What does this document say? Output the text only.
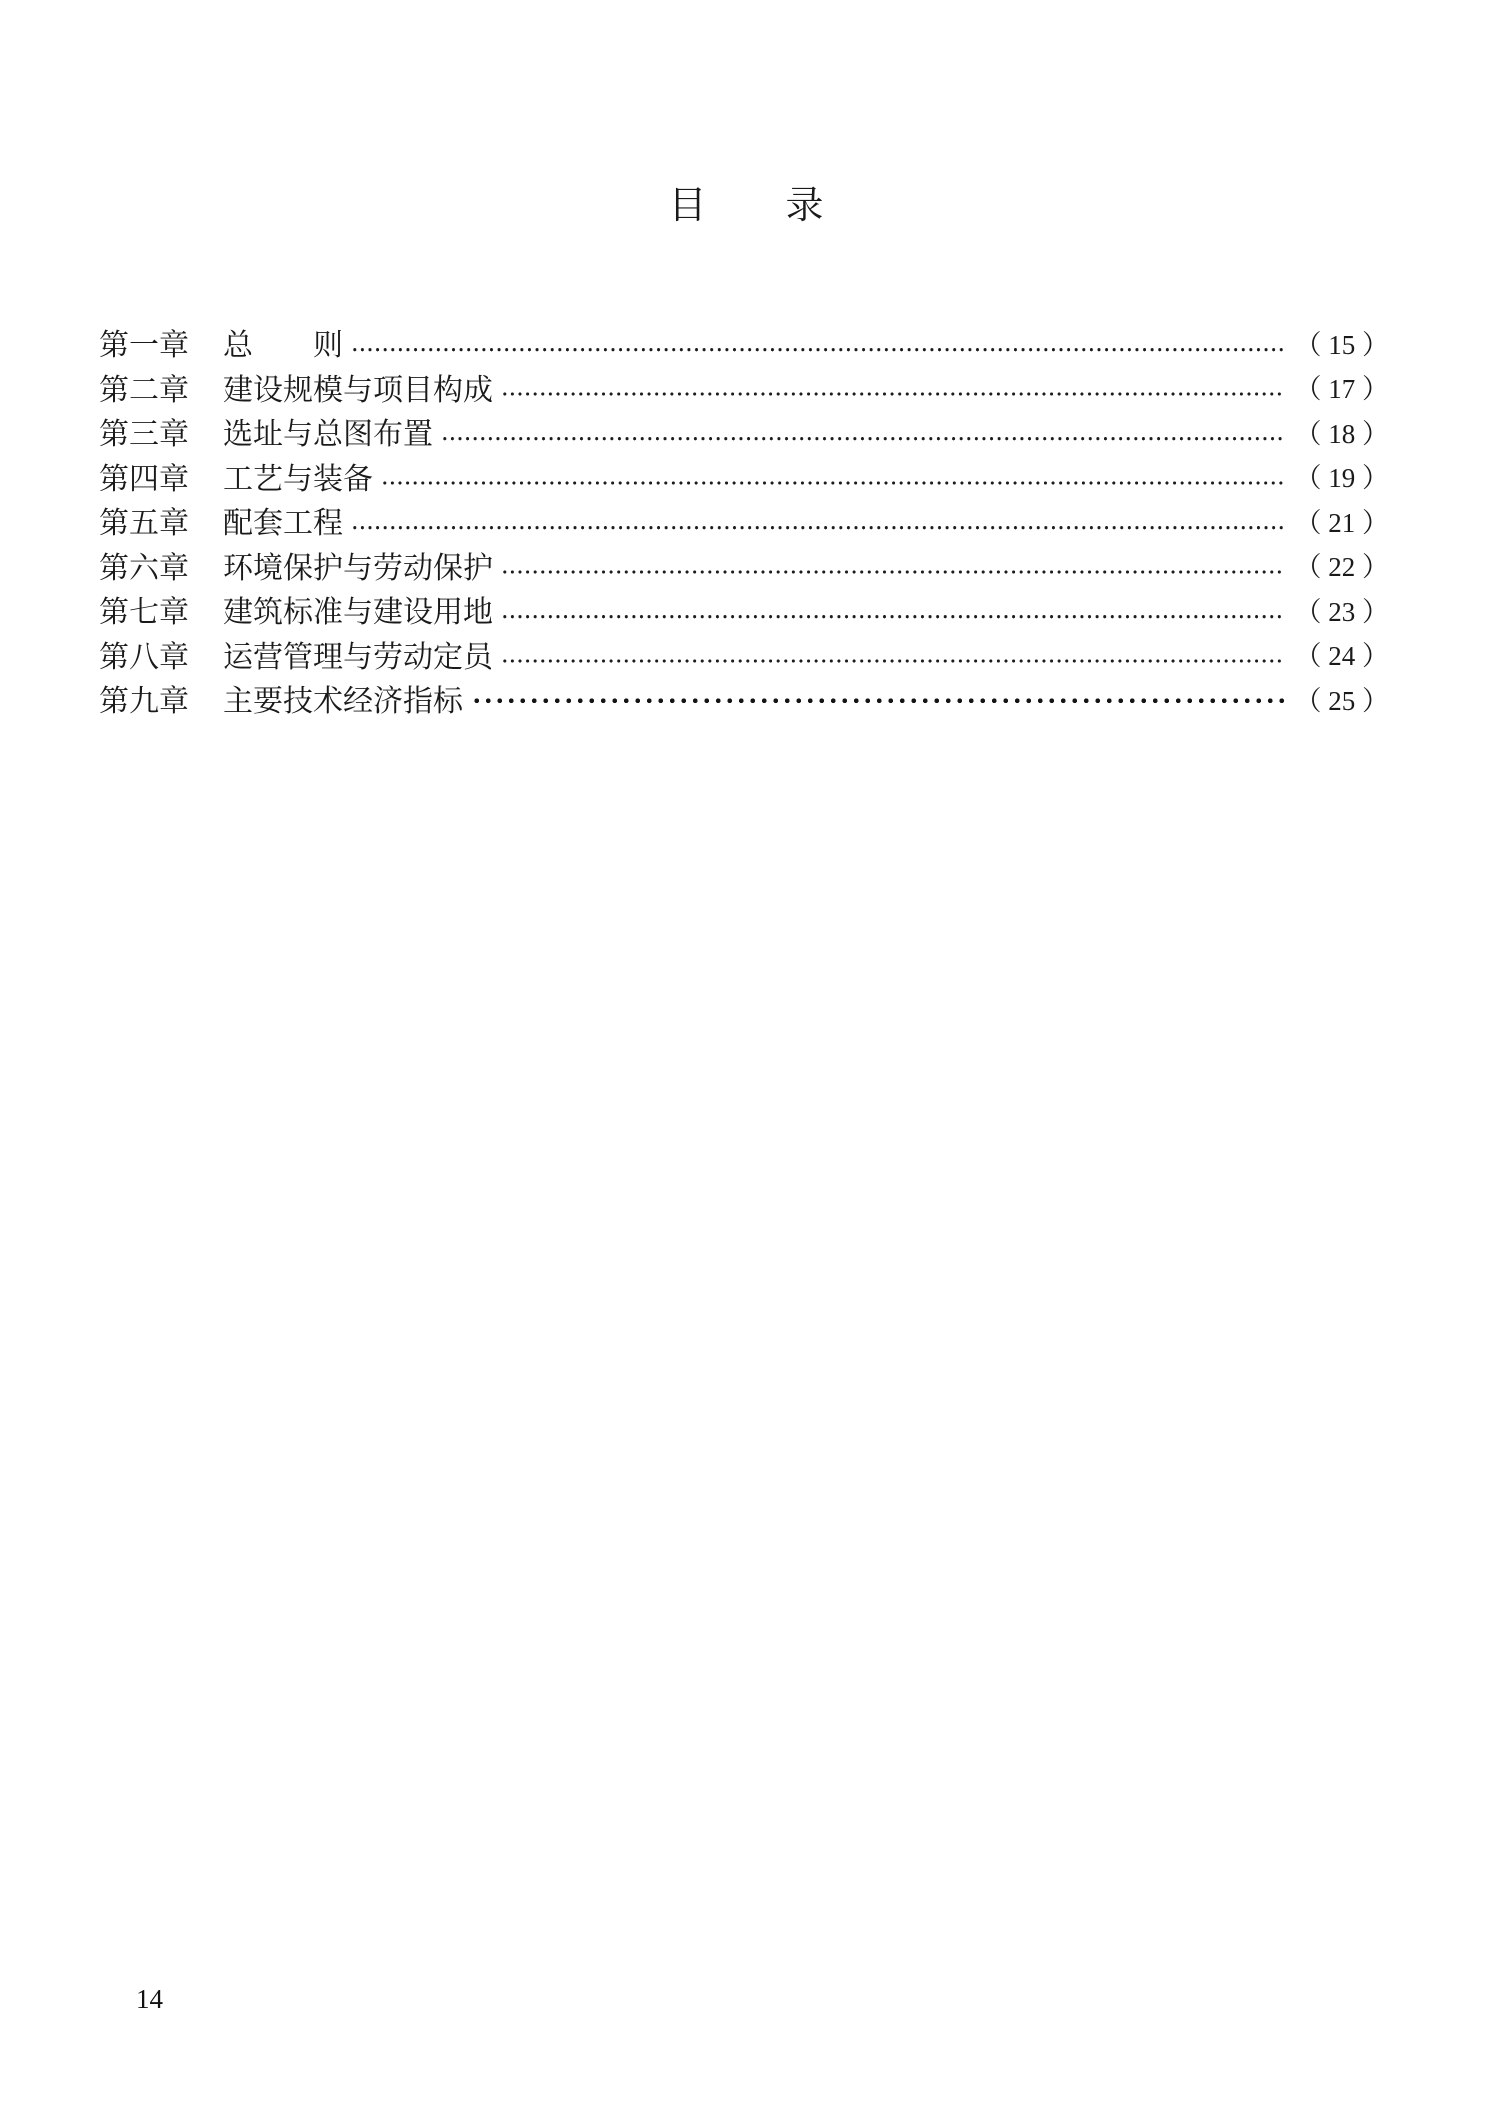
目　　录
第一章	总　　则	（ 15 ）
第二章	建设规模与项目构成	（ 17 ）
第三章	选址与总图布置	（ 18 ）
第四章	工艺与装备	（ 19 ）
第五章	配套工程	（ 21 ）
第六章	环境保护与劳动保护	（ 22 ）
第七章	建筑标准与建设用地	（ 23 ）
第八章	运营管理与劳动定员	（ 24 ）
第九章	主要技术经济指标	（ 25 ）
14
